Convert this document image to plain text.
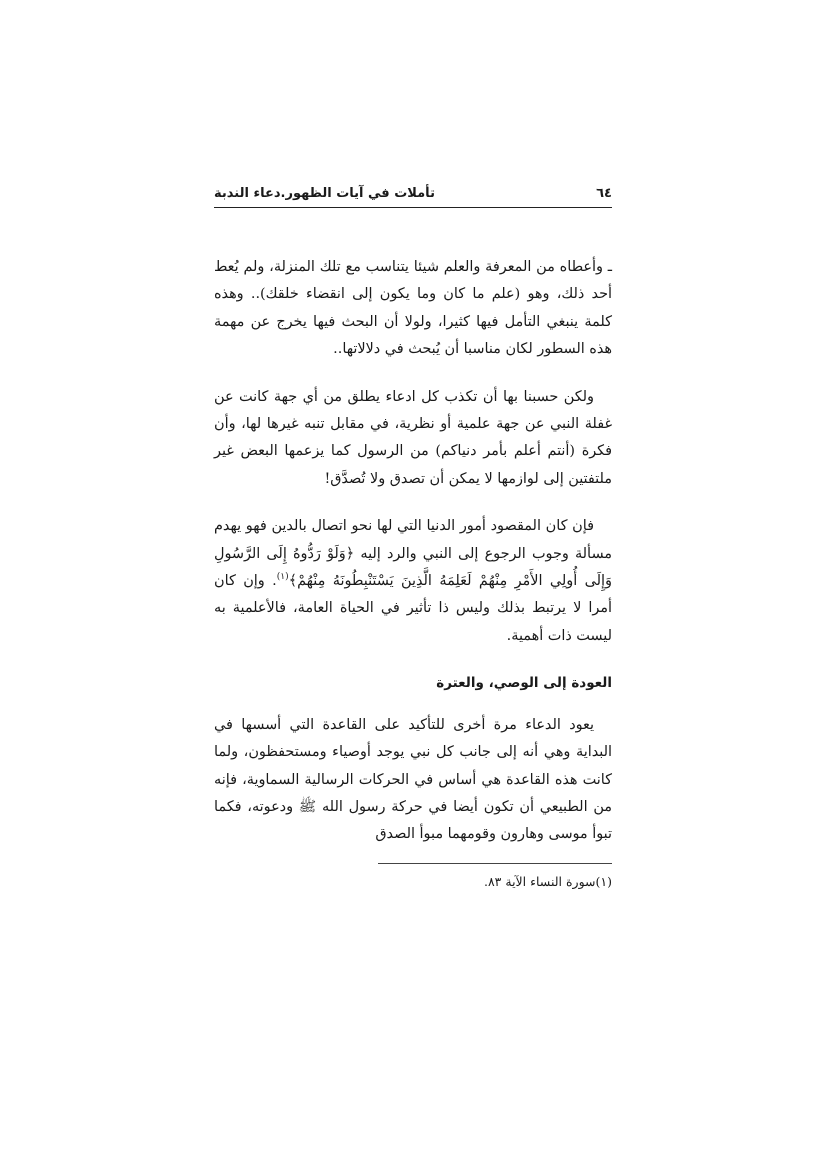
٦٤
تأملات في آيات الظهور.دعاء الندبة

ـ وأعطاه من المعرفة والعلم شيئا يتناسب مع تلك المنزلة، ولم يُعط أحد ذلك، وهو (علم ما كان وما يكون إلى انقضاء خلقك).. وهذه كلمة ينبغي التأمل فيها كثيرا، ولولا أن البحث فيها يخرج عن مهمة هذه السطور لكان مناسبا أن يُبحث في دلالاتها..

ولكن حسبنا بها أن تكذب كل ادعاء يطلق من أي جهة كانت عن غفلة النبي عن جهة علمية أو نظرية، في مقابل تنبه غيرها لها، وأن فكرة (أنتم أعلم بأمر دنياكم) من الرسول كما يزعمها البعض غير ملتفتين إلى لوازمها لا يمكن أن تصدق ولا تُصدَّق!

فإن كان المقصود أمور الدنيا التي لها نحو اتصال بالدين فهو يهدم مسألة وجوب الرجوع إلى النبي والرد إليه ﴿وَلَوْ رَدُّوهُ إِلَى الرَّسُولِ وَإِلَى أُولِي الأَمْرِ مِنْهُمْ لَعَلِمَهُ الَّذِينَ يَسْتَنْبِطُونَهُ مِنْهُمْ﴾$^{(١)}$. وإن كان أمرا لا يرتبط بذلك وليس ذا تأثير في الحياة العامة، فالأعلمية به ليست ذات أهمية.

العودة إلى الوصي، والعترة

يعود الدعاء مرة أخرى للتأكيد على القاعدة التي أسسها في البداية وهي أنه إلى جانب كل نبي يوجد أوصياء ومستحفظون، ولما كانت هذه القاعدة هي أساس في الحركات الرسالية السماوية، فإنه من الطبيعي أن تكون أيضا في حركة رسول الله ﷺ ودعوته، فكما تبوأ موسى وهارون وقومهما مبوأ الصدق

(١)سورة النساء الآية ٨٣.
